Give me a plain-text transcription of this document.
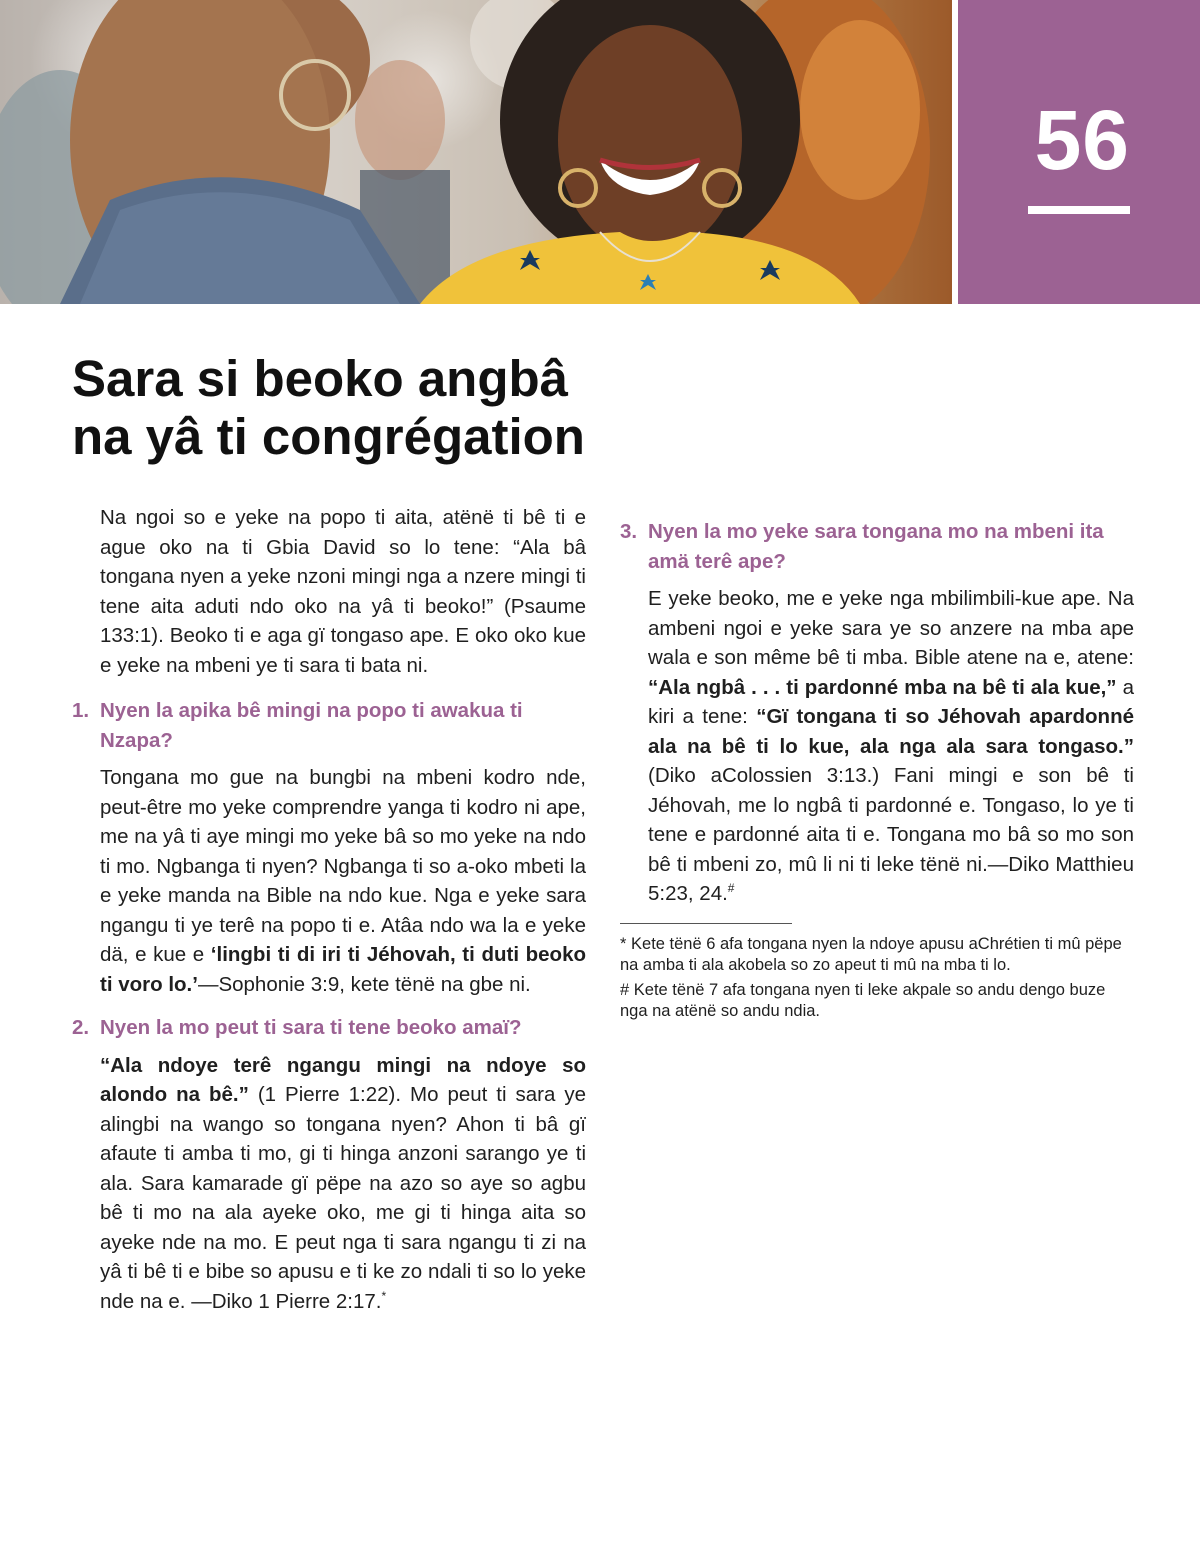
56
Sara si beoko angbâ
na yâ ti congrégation

Na ngoi so e yeke na popo ti aita, atënë ti bê ti e ague oko na ti Gbia David so lo tene: “Ala bâ tongana nyen a yeke nzoni mingi nga a nzere mingi ti tene aita aduti ndo oko na yâ ti beoko!” (Psaume 133:1). Beoko ti e aga gï tongaso ape. E oko oko kue e yeke na mbeni ye ti sara ti bata ni.

1. Nyen la apika bê mingi na popo ti awakua ti Nzapa?

Tongana mo gue na bungbi na mbeni kodro nde, peut-être mo yeke comprendre yanga ti kodro ni ape, me na yâ ti aye mingi mo yeke bâ so mo yeke na ndo ti mo. Ngbanga ti nyen? Ngbanga ti so a-oko mbeti la e yeke manda na Bible na ndo kue. Nga e yeke sara ngangu ti ye terê na popo ti e. Atâa ndo wa la e yeke dä, e kue e ‘lingbi ti di iri ti Jéhovah, ti duti beoko ti voro lo.’—Sophonie 3:9, kete tënë na gbe ni.

2. Nyen la mo peut ti sara ti tene beoko amaï?

“Ala ndoye terê ngangu mingi na ndoye so alondo na bê.” (1 Pierre 1:22). Mo peut ti sara ye alingbi na wango so tongana nyen? Ahon ti bâ gï afaute ti amba ti mo, gi ti hinga anzoni sarango ye ti ala. Sara kamarade gï pëpe na azo so aye so agbu bê ti mo na ala ayeke oko, me gi ti hinga aita so ayeke nde na mo. E peut nga ti sara ngangu ti zi na yâ ti bê ti e bibe so apusu e ti ke zo ndali ti so lo yeke nde na e. —Diko 1 Pierre 2:17.*

3. Nyen la mo yeke sara tongana mo na mbeni ita amä terê ape?

E yeke beoko, me e yeke nga mbilimbili-kue ape. Na ambeni ngoi e yeke sara ye so anzere na mba ape wala e son même bê ti mba. Bible atene na e, atene: “Ala ngbâ . . . ti pardonné mba na bê ti ala kue,” a kiri a tene: “Gï tongana ti so Jéhovah apardonné ala na bê ti lo kue, ala nga ala sara tongaso.” (Diko aColossien 3:13.) Fani mingi e son bê ti Jéhovah, me lo ngbâ ti pardonné e. Tongaso, lo ye ti tene e pardonné aita ti e. Tongana mo bâ so mo son bê ti mbeni zo, mû li ni ti leke tënë ni.—Diko Matthieu 5:23, 24.#

* Kete tënë 6 afa tongana nyen la ndoye apusu aChrétien ti mû pëpe na amba ti ala akobela so zo apeut ti mû na mba ti lo.

# Kete tënë 7 afa tongana nyen ti leke akpale so andu dengo buze nga na atënë so andu ndia.
